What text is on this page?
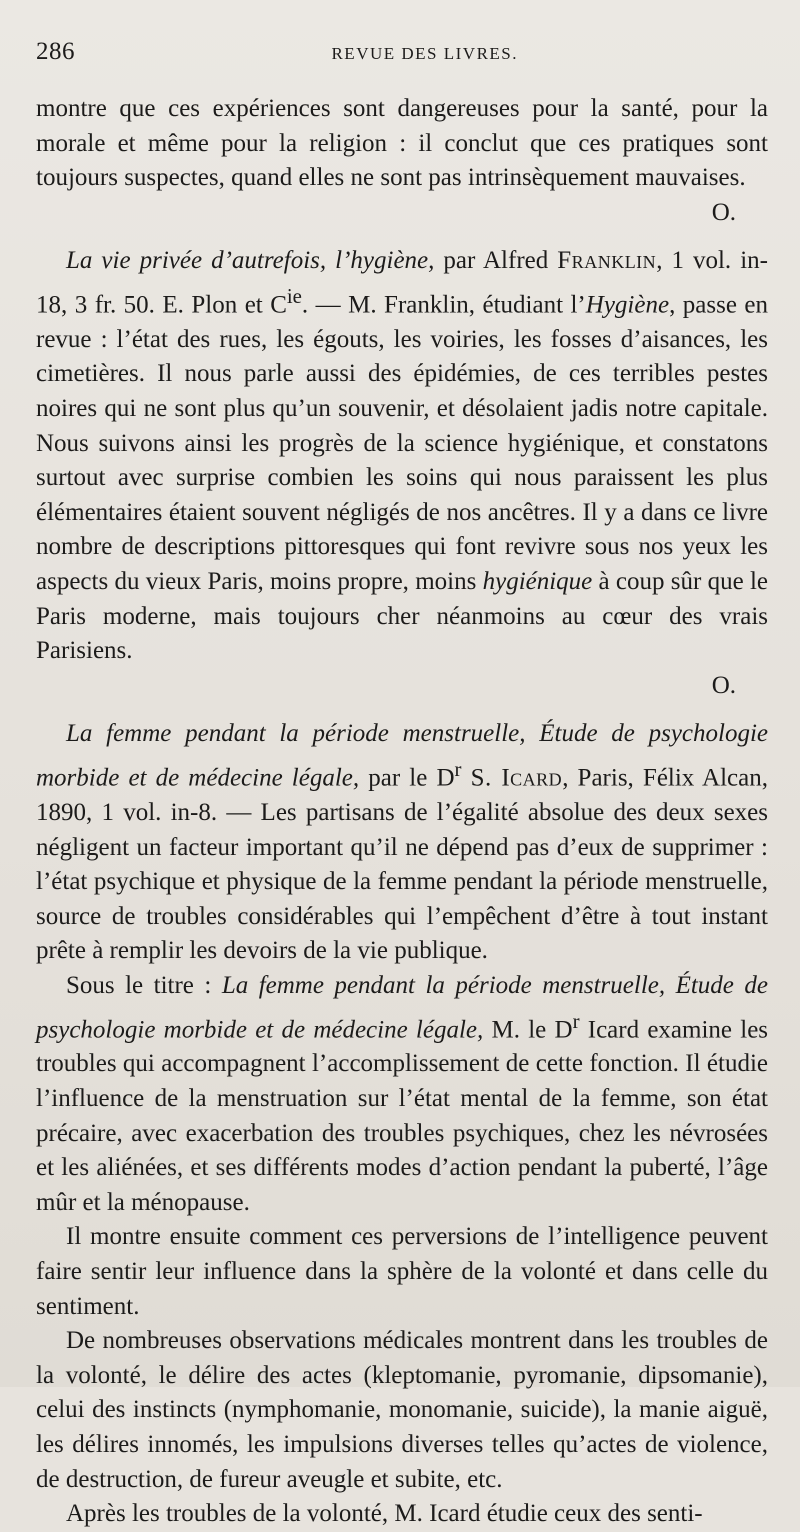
286	REVUE DES LIVRES.

montre que ces expériences sont dangereuses pour la santé, pour la morale et même pour la religion : il conclut que ces pratiques sont toujours suspectes, quand elles ne sont pas intrinsèquement mauvaises.

O.

La vie privée d’autrefois, l’hygiène, par Alfred Franklin, 1 vol. in-18, 3 fr. 50. E. Plon et $C^{ie}$. — M. Franklin, étudiant l’Hygiène, passe en revue : l’état des rues, les égouts, les voiries, les fosses d’aisances, les cimetières. Il nous parle aussi des épidémies, de ces terribles pestes noires qui ne sont plus qu’un souvenir, et désolaient jadis notre capitale. Nous suivons ainsi les progrès de la science hygiénique, et constatons surtout avec surprise combien les soins qui nous paraissent les plus élémentaires étaient souvent négligés de nos ancêtres. Il y a dans ce livre nombre de descriptions pittoresques qui font revivre sous nos yeux les aspects du vieux Paris, moins propre, moins hygiénique à coup sûr que le Paris moderne, mais toujours cher néanmoins au cœur des vrais Parisiens.

O.

La femme pendant la période menstruelle, Étude de psychologie morbide et de médecine légale, par le $D^r$ S. Icard, Paris, Félix Alcan, 1890, 1 vol. in-8. — Les partisans de l’égalité absolue des deux sexes négligent un facteur important qu’il ne dépend pas d’eux de supprimer : l’état psychique et physique de la femme pendant la période menstruelle, source de troubles considérables qui l’empêchent d’être à tout instant prête à remplir les devoirs de la vie publique.

Sous le titre : La femme pendant la période menstruelle, Étude de psychologie morbide et de médecine légale, M. le $D^r$ Icard examine les troubles qui accompagnent l’accomplissement de cette fonction. Il étudie l’influence de la menstruation sur l’état mental de la femme, son état précaire, avec exacerbation des troubles psychiques, chez les névrosées et les aliénées, et ses différents modes d’action pendant la puberté, l’âge mûr et la ménopause.

Il montre ensuite comment ces perversions de l’intelligence peuvent faire sentir leur influence dans la sphère de la volonté et dans celle du sentiment.

De nombreuses observations médicales montrent dans les troubles de la volonté, le délire des actes (kleptomanie, pyromanie, dipsomanie), celui des instincts (nymphomanie, monomanie, suicide), la manie aiguë, les délires innomés, les impulsions diverses telles qu’actes de violence, de destruction, de fureur aveugle et subite, etc.

Après les troubles de la volonté, M. Icard étudie ceux des senti-
